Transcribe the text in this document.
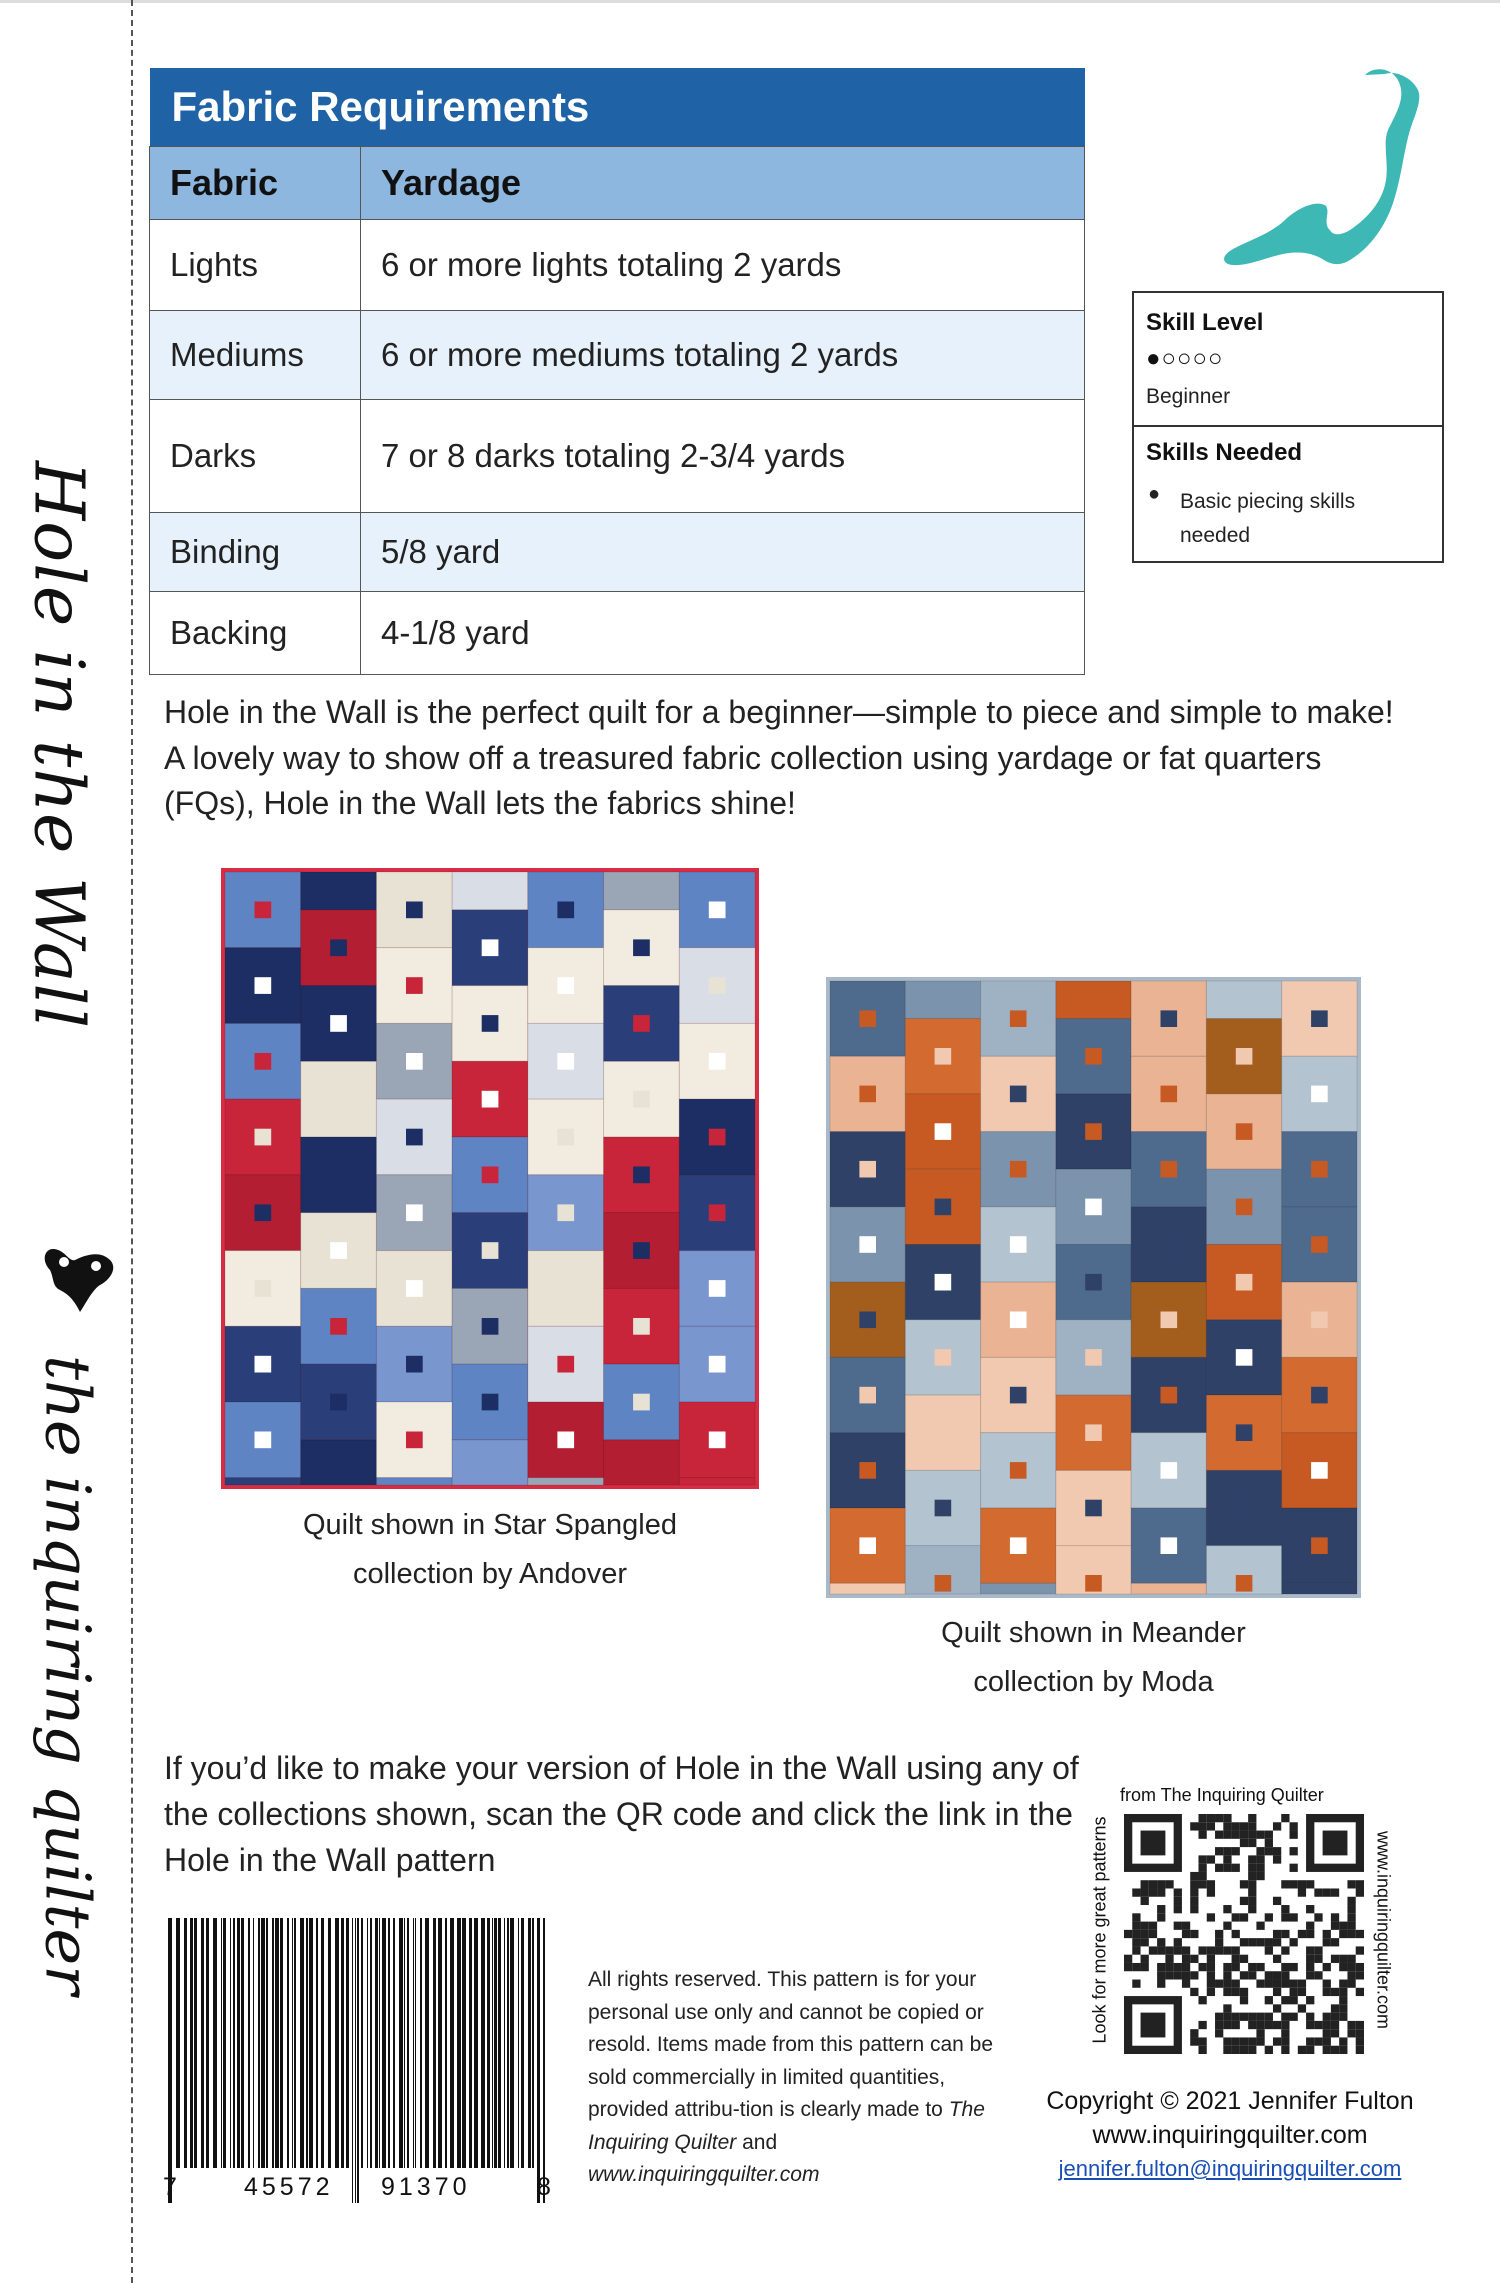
Hole in the Wall
the inquiring quilter
Fabric Requirements	
Fabric	Yardage
Lights	6 or more lights totaling 2 yards
Mediums	6 or more mediums totaling 2 yards
Darks	7 or 8 darks totaling 2-3/4 yards
Binding	5/8 yard
Backing	4-1/8 yard
Skill Level
●○○○○
Beginner
Skills Needed
● Basic piecing skills needed
Hole in the Wall is the perfect quilt for a beginner—simple to piece and simple to make! A lovely way to show off a treasured fabric collection using yardage or fat quarters (FQs), Hole in the Wall lets the fabrics shine!
Quilt shown in Star Spangled
collection by Andover
Quilt shown in Meander
collection by Moda
If you’d like to make your version of Hole in the Wall using any of the collections shown, scan the QR code and click the link in the Hole in the Wall pattern
7	45572 91370	8
All rights reserved. This pattern is for your personal use only and cannot be copied or resold. Items made from this pattern can be sold commercially in limited quantities, provided attribu-tion is clearly made to The Inquiring Quilter and www.inquiringquilter.com
from The Inquiring Quilter
Look for more great patterns	www.inquiringquilter.com
Copyright © 2021 Jennifer Fulton
www.inquiringquilter.com
jennifer.fulton@inquiringquilter.com
